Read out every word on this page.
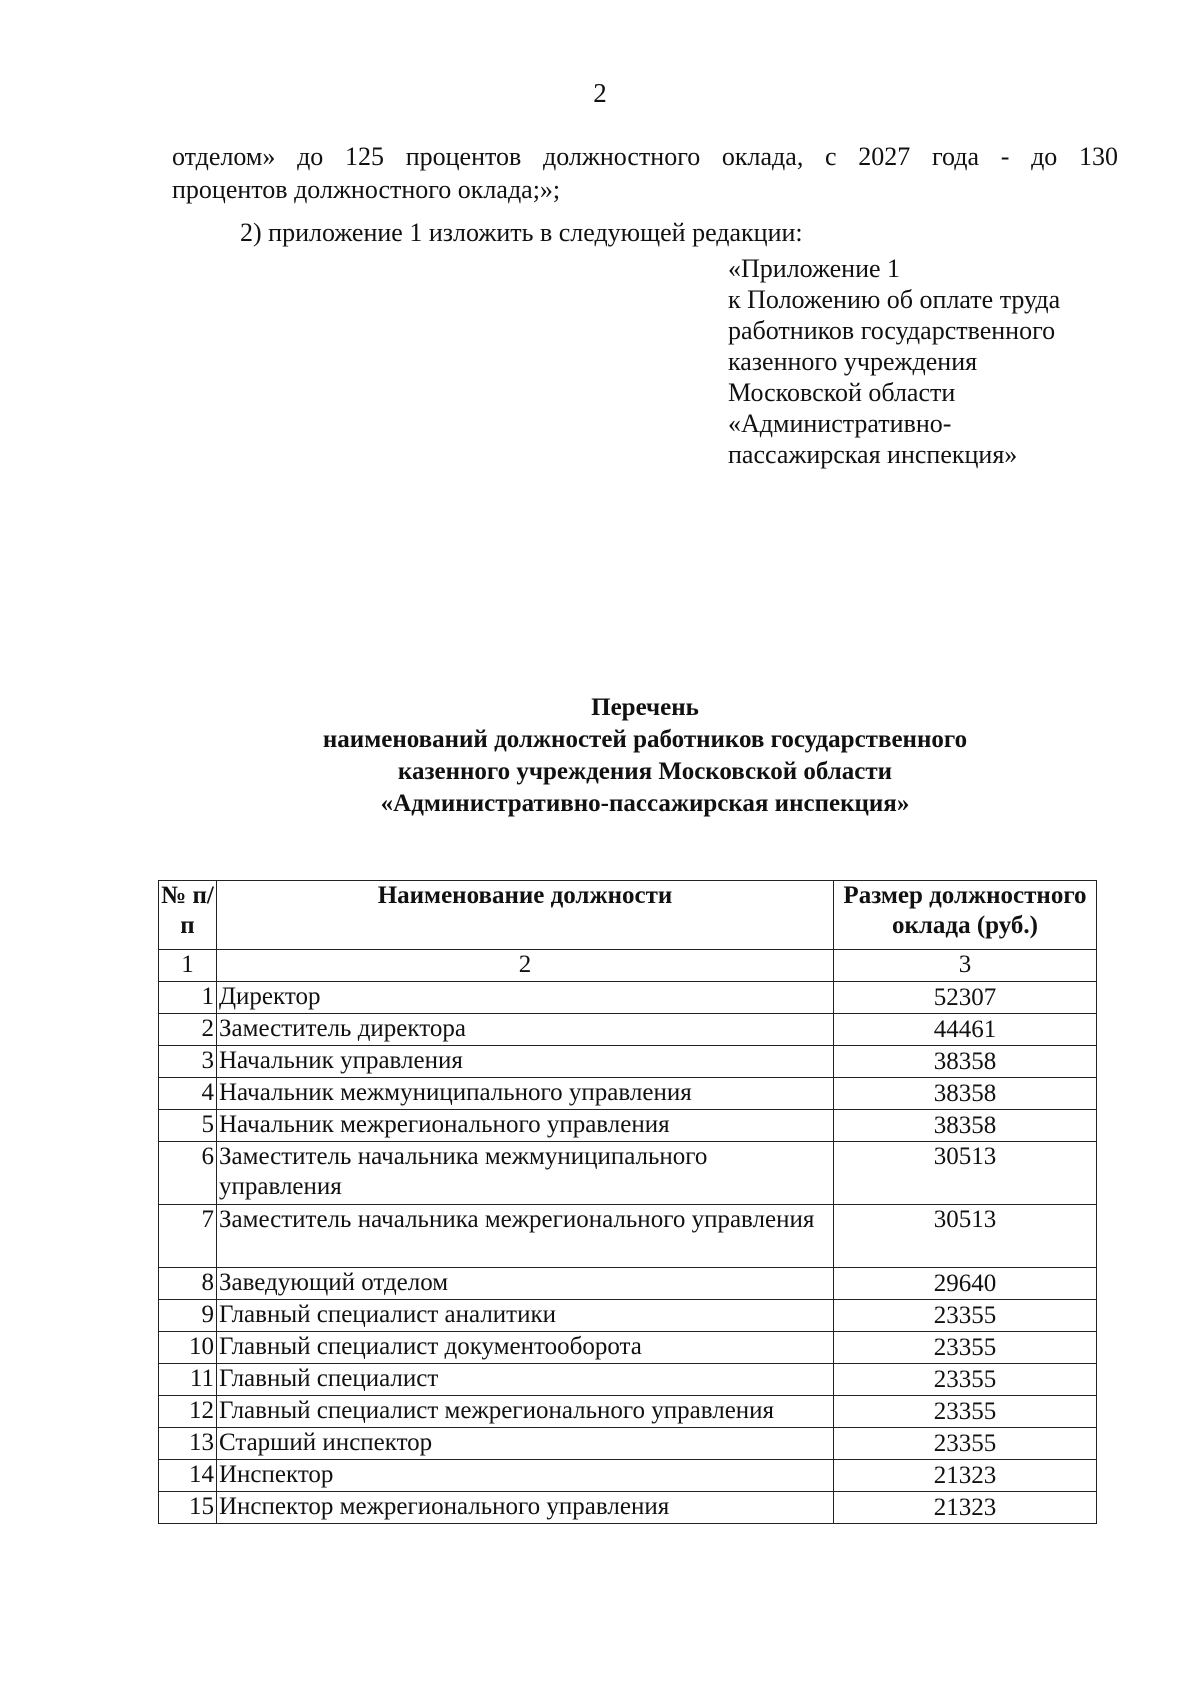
2
отделом» до 125 процентов должностного оклада, с 2027 года - до 130
процентов должностного оклада;»;
2) приложение 1 изложить в следующей редакции:
«Приложение 1
к Положению об оплате труда
работников государственного
казенного учреждения
Московской области
«Административно-
пассажирская инспекция»
Перечень
наименований должностей работников государственного
казенного учреждения Московской области
«Административно-пассажирская инспекция»
№ п/п	Наименование должности	Размер должностного оклада (руб.)
1	2	3
1	Директор	52307
2	Заместитель директора	44461
3	Начальник управления	38358
4	Начальник межмуниципального управления	38358
5	Начальник межрегионального управления	38358
6	Заместитель начальника межмуниципального управления	30513
7	Заместитель начальника межрегионального управления	30513
8	Заведующий отделом	29640
9	Главный специалист аналитики	23355
10	Главный специалист документооборота	23355
11	Главный специалист	23355
12	Главный специалист межрегионального управления	23355
13	Старший инспектор	23355
14	Инспектор	21323
15	Инспектор межрегионального управления	21323
